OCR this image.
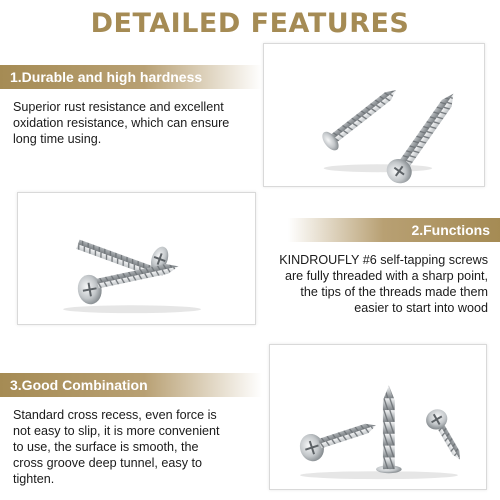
DETAILED FEATURES
1.Durable and high hardness
Superior rust resistance and excellent
oxidation resistance, which can ensure
long time using.
2.Functions
KINDROUFLY #6 self-tapping screws
are fully threaded with a sharp point,
the tips of the threads made them
easier to start into wood
3.Good Combination
Standard cross recess, even force is
not easy to slip, it is more convenient
to use, the surface is smooth, the
cross groove deep tunnel, easy to
tighten.
